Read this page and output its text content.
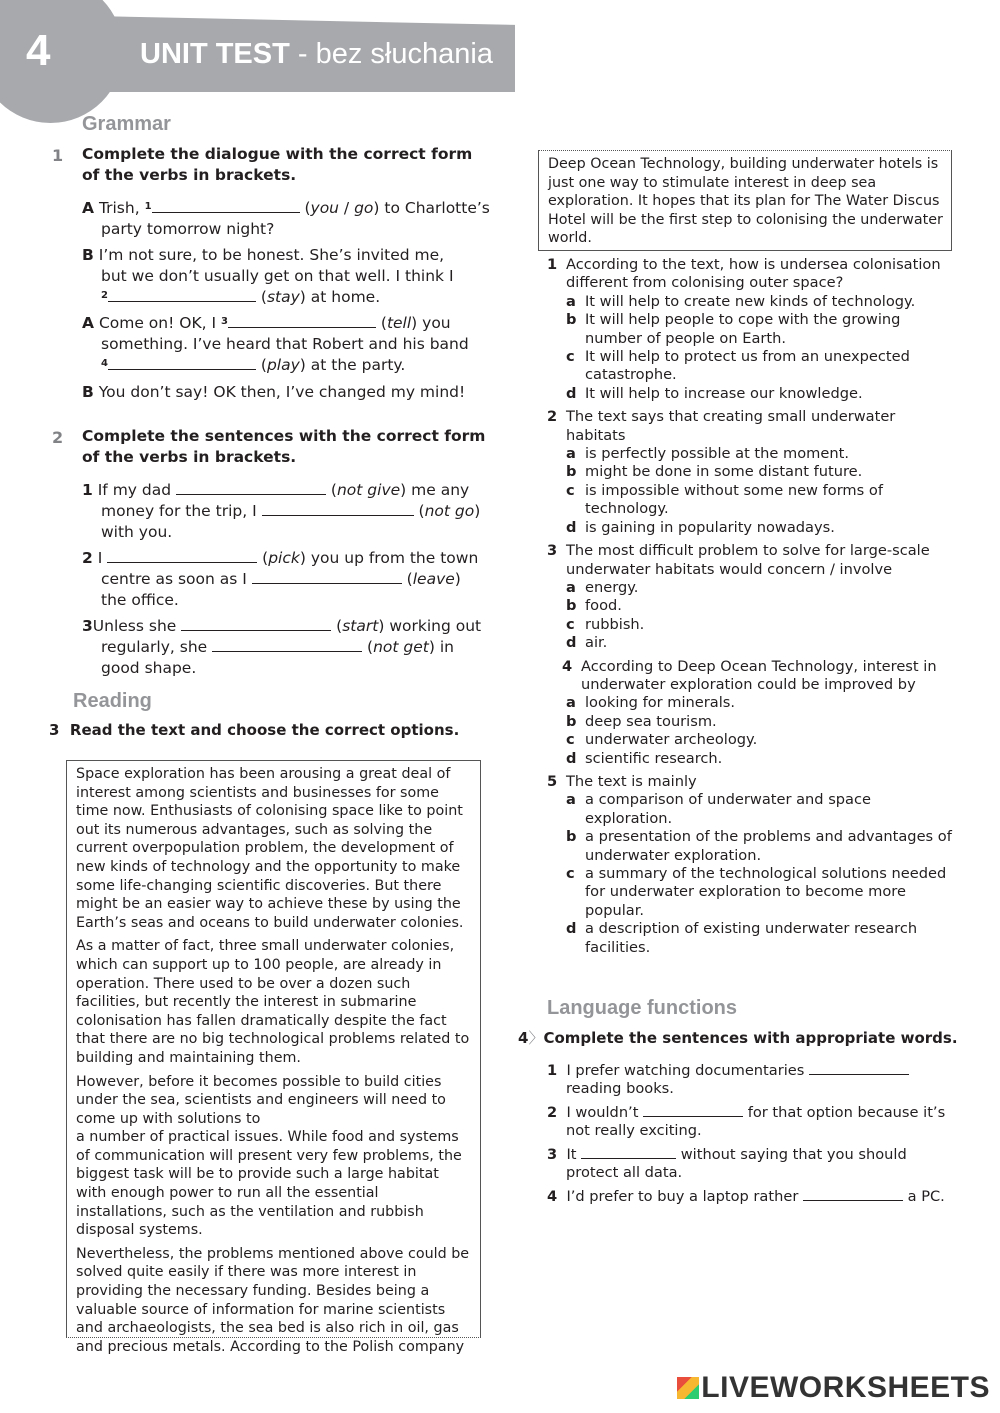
4	UNIT TEST - bez słuchania
Grammar
1 Complete the dialogue with the correct form
of the verbs in brackets.
A Trish, $^1$	(you / go) to Charlotte’s
party tomorrow night?
B I’m not sure, to be honest. She’s invited me,
but we don’t usually get on that well. I think I
$^2$	(stay) at home.
A Come on! OK, I $^3$	(tell) you
something. I’ve heard that Robert and his band
$^4$	(play) at the party.
B You don’t say! OK then, I’ve changed my mind!
2 Complete the sentences with the correct form
of the verbs in brackets.
1 If my dad	(not give) me any
money for the trip, I	(not go)
with you.
2 I	(pick) you up from the town
centre as soon as I	(leave)
the office.
3Unless she	(start) working out
regularly, she	(not get) in
good shape.
Reading
3 Read the text and choose the correct options.

Space exploration has been arousing a great deal of interest among scientists and businesses for some time now. Enthusiasts of colonising space like to point out its numerous advantages, such as solving the current overpopulation problem, the development of new kinds of technology and the opportunity to make some life-changing scientific discoveries. But there might be an easier way to achieve these by using the Earth’s seas and oceans to build underwater colonies.

As a matter of fact, three small underwater colonies, which can support up to 100 people, are already in operation. There used to be over a dozen such facilities, but recently the interest in submarine colonisation has fallen dramatically despite the fact that there are no big technological problems related to building and maintaining them.

However, before it becomes possible to build cities under the sea, scientists and engineers will need to come up with solutions to

a number of practical issues. While food and systems of communication will present very few problems, the biggest task will be to provide such a large habitat with enough power to run all the essential installations, such as the ventilation and rubbish disposal systems.

Nevertheless, the problems mentioned above could be solved quite easily if there was more interest in providing the necessary funding. Besides being a valuable source of information for marine scientists and archaeologists, the sea bed is also rich in oil, gas and precious metals. According to the Polish company

Deep Ocean Technology, building underwater hotels is just one way to stimulate interest in deep sea exploration. It hopes that its plan for The Water Discus Hotel will be the first step to colonising the underwater world.

1 According to the text, how is undersea colonisation different from colonising outer space?
a It will help to create new kinds of technology.
b It will help people to cope with the growing number of people on Earth.
c It will help to protect us from an unexpected catastrophe.
d It will help to increase our knowledge.
2 The text says that creating small underwater habitats
a is perfectly possible at the moment.
b might be done in some distant future.
c is impossible without some new forms of technology.
d is gaining in popularity nowadays.
3 The most difficult problem to solve for large-scale underwater habitats would concern / involve
a energy.
b food.
c rubbish.
d air.
4 According to Deep Ocean Technology, interest in underwater exploration could be improved by
a looking for minerals.
b deep sea tourism.
c underwater archeology.
d scientific research.
5 The text is mainly
a a comparison of underwater and space exploration.
b a presentation of the problems and advantages of underwater exploration.
c a summary of the technological solutions needed for underwater exploration to become more popular.
d a description of existing underwater research facilities.
Language functions
4〉Complete the sentences with appropriate words.
1 I prefer watching documentaries
reading books.
2 I wouldn’t	for that option because it’s
not really exciting.
3 It	without saying that you should
protect all data.
4 I’d prefer to buy a laptop rather	a PC.
LIVEWORKSHEETS
